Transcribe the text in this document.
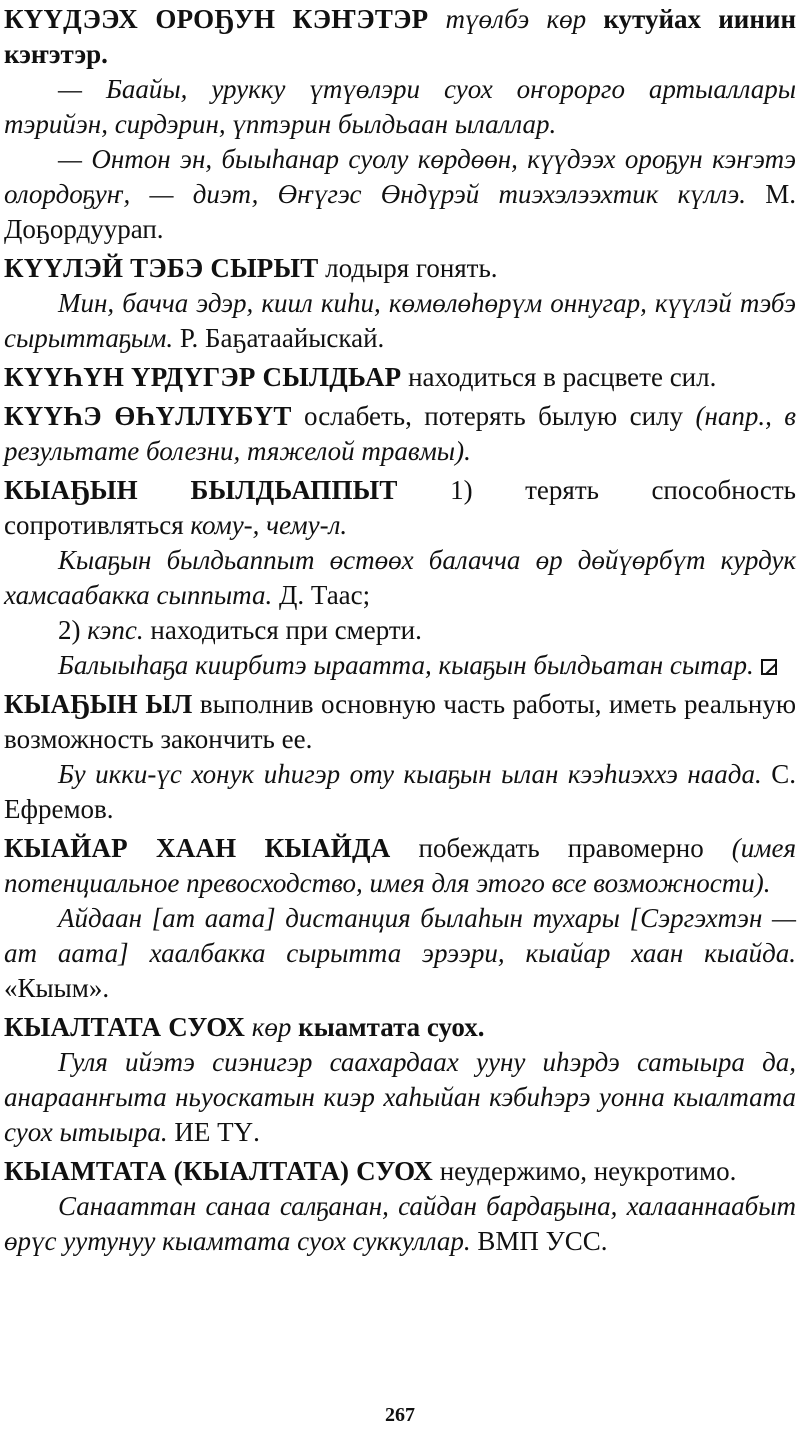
КҮҮДЭЭХ ОРОҔУН КЭҤЭТЭР түөлбэ көр кутуйах иинин кэҥэтэр.

— Баайы, урукку үтүөлэри суох оҥорорго артыаллары тэрийэн, сирдэрин, үптэрин былдьаан ылаллар.

— Онтон эн, быыһанар суолу көрдөөн, күүдээх ороҕун кэҥэтэ олордоҕуҥ, — диэт, Өҥүгэс Өндүрэй тиэхэлээхтик күллэ. М. Доҕордуурап.

КҮҮЛЭЙ ТЭБЭ СЫРЫТ лодыря гонять.

Мин, бачча эдэр, киил киһи, көмөлөһөрүм оннугар, күүлэй тэбэ сырыттаҕым. Р. Баҕатаайыскай.

КҮҮҺҮН ҮРДҮГЭР СЫЛДЬАР находиться в расцвете сил.

КҮҮҺЭ ӨҺҮЛЛҮБҮТ ослабеть, потерять былую силу (напр., в результате болезни, тяжелой травмы).

КЫАҔЫН БЫЛДЬАППЫТ 1) терять способность сопротивляться кому-, чему-л.

Кыаҕын былдьаппыт өстөөх балачча өр дөйүөрбүт курдук хамсаабакка сыппыта. Д. Таас;

2) кэпс. находиться при смерти.

Балыыһаҕа киирбитэ ыраатта, кыаҕын былдьатан сытар.

КЫАҔЫН ЫЛ выполнив основную часть работы, иметь реальную возможность закончить ее.

Бу икки-үс хонук иһигэр оту кыаҕын ылан кээһиэххэ наада. С. Ефремов.

КЫАЙАР ХААН КЫАЙДА побеждать правомерно (имея потенциальное превосходство, имея для этого все возможности).

Айдаан [ат аата] дистанция былаһын тухары [Сэргэхтэн — ат аата] хаалбакка сырытта эрээри, кыайар хаан кыайда. «Кыым».

КЫАЛТАТА СУОХ көр кыамтата суох.

Гуля ийэтэ сиэнигэр саахардаах ууну иһэрдэ сатыыра да, анараанҥыта ньуоскатын киэр хаһыйан кэбиһэрэ уонна кыалтата суох ытыыра. ИЕ ТҮ.

КЫАМТАТА (КЫАЛТАТА) СУОХ неудержимо, неукротимо.

Санааттан санаа салҕанан, сайдан бардаҕына, халааннаабыт өрүс уутунуу кыамтата суох суккуллар. ВМП УСС.

267
